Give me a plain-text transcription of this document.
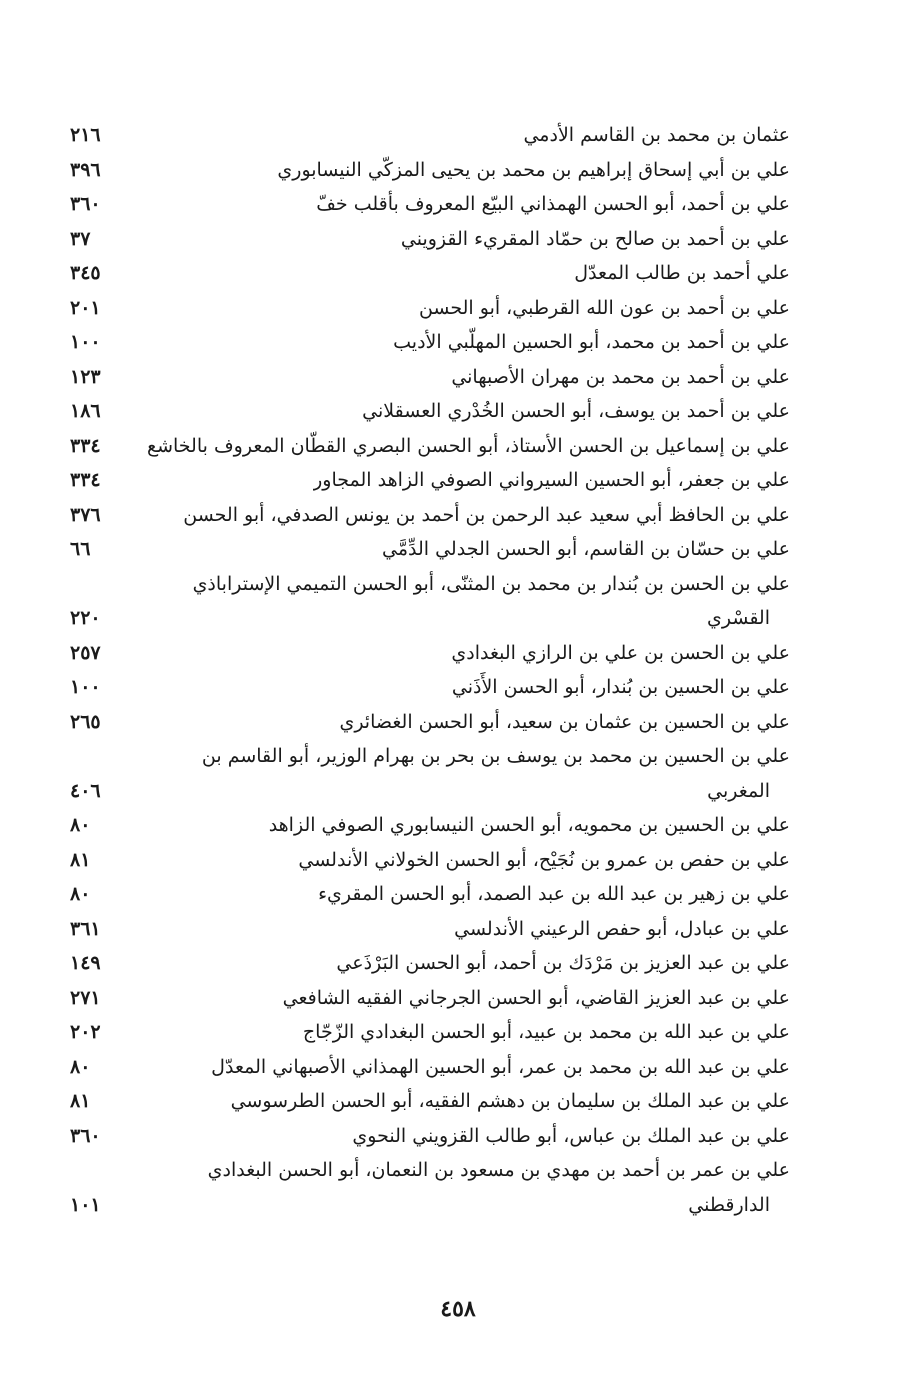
عثمان بن محمد بن القاسم الأدمي
٢١٦
علي بن أبي إسحاق إبراهيم بن محمد بن يحيى المزكّي النيسابوري
٣٩٦
علي بن أحمد، أبو الحسن الهمذاني البيّع المعروف بأقلب خفّ
٣٦٠
علي بن أحمد بن صالح بن حمّاد المقريء القزويني
٣٧
علي أحمد بن طالب المعدّل
٣٤٥
علي بن أحمد بن عون الله القرطبي، أبو الحسن
٢٠١
علي بن أحمد بن محمد، أبو الحسين المهلّبي الأديب
١٠٠
علي بن أحمد بن محمد بن مهران الأصبهاني
١٢٣
علي بن أحمد بن يوسف، أبو الحسن الخُدْري العسقلاني
١٨٦
علي بن إسماعيل بن الحسن الأستاذ، أبو الحسن البصري القطّان المعروف بالخاشع
٣٣٤
علي بن جعفر، أبو الحسين السيرواني الصوفي الزاهد المجاور
٣٣٤
علي بن الحافظ أبي سعيد عبد الرحمن بن أحمد بن يونس الصدفي، أبو الحسن
٣٧٦
علي بن حسّان بن القاسم، أبو الحسن الجدلي الدِّمَّي
٦٦
علي بن الحسن بن بُندار بن محمد بن المثنّى، أبو الحسن التميمي الإستراباذي
القسْري
٢٢٠
علي بن الحسن بن علي بن الرازي البغدادي
٢٥٧
علي بن الحسين بن بُندار، أبو الحسن الأَذَني
١٠٠
علي بن الحسين بن عثمان بن سعيد، أبو الحسن الغضائري
٢٦٥
علي بن الحسين بن محمد بن يوسف بن بحر بن بهرام الوزير، أبو القاسم بن
المغربي
٤٠٦
علي بن الحسين بن محمويه، أبو الحسن النيسابوري الصوفي الزاهد
٨٠
علي بن حفص بن عمرو بن نُجَيْح، أبو الحسن الخولاني الأندلسي
٨١
علي بن زهير بن عبد الله بن عبد الصمد، أبو الحسن المقريء
٨٠
علي بن عبادل، أبو حفص الرعيني الأندلسي
٣٦١
علي بن عبد العزيز بن مَرْدَك بن أحمد، أبو الحسن البَرْذَعي
١٤٩
علي بن عبد العزيز القاضي، أبو الحسن الجرجاني الفقيه الشافعي
٢٧١
علي بن عبد الله بن محمد بن عبيد، أبو الحسن البغدادي الزّجّاج
٢٠٢
علي بن عبد الله بن محمد بن عمر، أبو الحسين الهمذاني الأصبهاني المعدّل
٨٠
علي بن عبد الملك بن سليمان بن دهشم الفقيه، أبو الحسن الطرسوسي
٨١
علي بن عبد الملك بن عباس، أبو طالب القزويني النحوي
٣٦٠
علي بن عمر بن أحمد بن مهدي بن مسعود بن النعمان، أبو الحسن البغدادي
الدارقطني
١٠١
٤٥٨
